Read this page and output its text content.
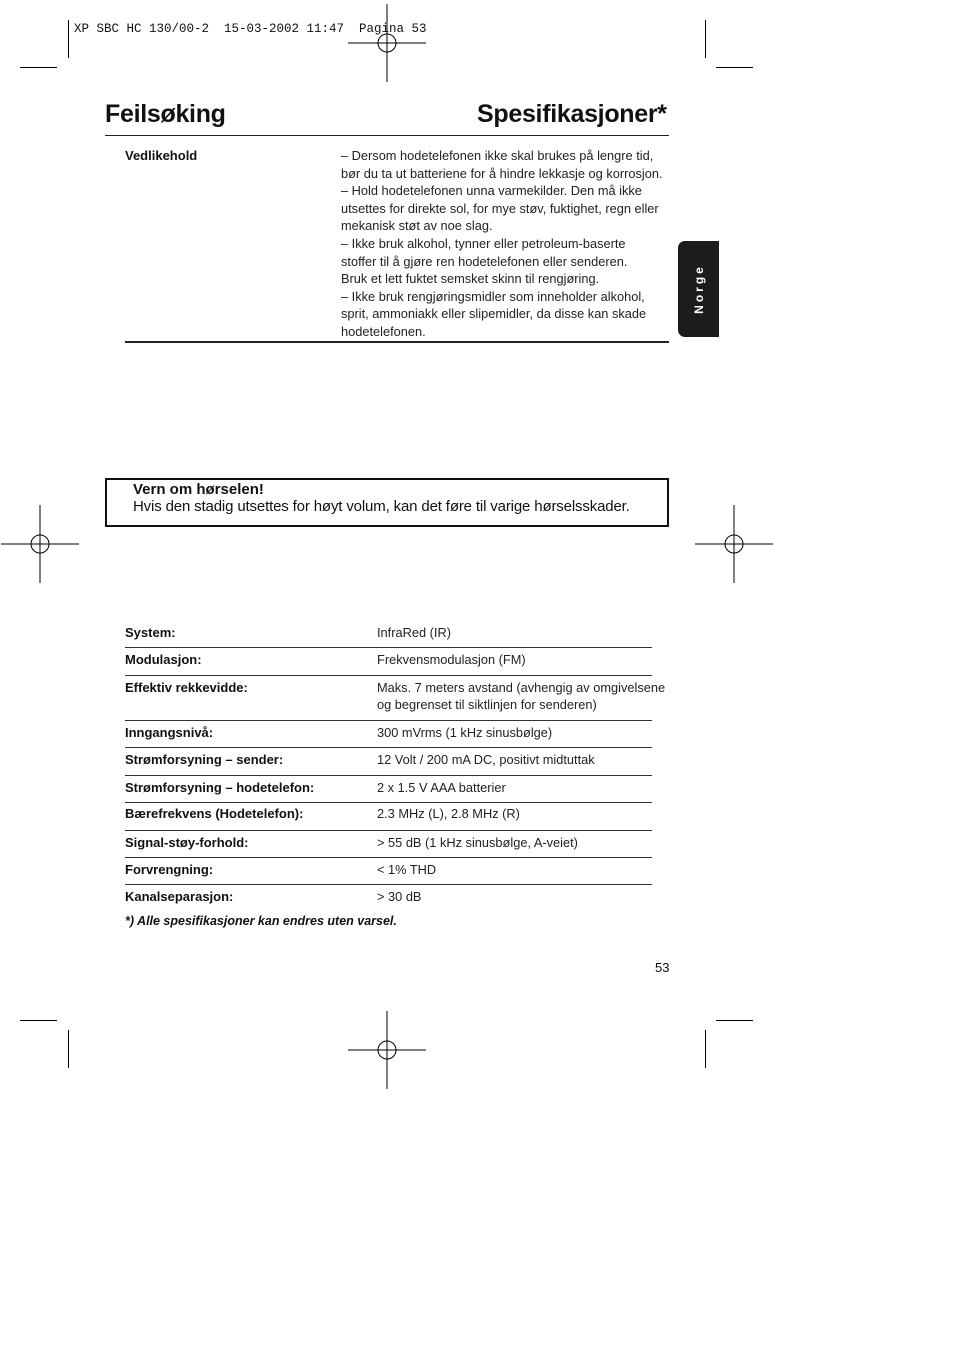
XP SBC HC 130/00-2  15-03-2002 11:47  Pagina 53
Feilsøking	Spesifikasjoner*
Vedlikehold	– Dersom hodetelefonen ikke skal brukes på lengre tid,
bør du ta ut batteriene for å hindre lekkasje og korrosjon.
– Hold hodetelefonen unna varmekilder. Den må ikke
utsettes for direkte sol, for mye støv, fuktighet, regn eller
mekanisk støt av noe slag.
– Ikke bruk alkohol, tynner eller petroleum-baserte
stoffer til å gjøre ren hodetelefonen eller senderen.
Bruk et lett fuktet semsket skinn til rengjøring.
– Ikke bruk rengjøringsmidler som inneholder alkohol,
sprit, ammoniakk eller slipemidler, da disse kan skade
hodetelefonen.
Norge
Vern om hørselen!
Hvis den stadig utsettes for høyt volum, kan det føre til varige hørselsskader.
System:	InfraRed (IR)
Modulasjon:	Frekvensmodulasjon (FM)
Effektiv rekkevidde:	Maks. 7 meters avstand (avhengig av omgivelsene
og begrenset til siktlinjen for senderen)
Inngangsnivå:	300 mVrms (1 kHz sinusbølge)
Strømforsyning – sender:	12 Volt / 200 mA DC, positivt midtuttak
Strømforsyning – hodetelefon:	2 x 1.5 V AAA batterier
Bærefrekvens (Hodetelefon):	2.3 MHz (L), 2.8 MHz (R)
Signal-støy-forhold:	> 55 dB (1 kHz sinusbølge, A-veiet)
Forvrengning:	< 1% THD
Kanalseparasjon:	> 30 dB
*) Alle spesifikasjoner kan endres uten varsel.
53
